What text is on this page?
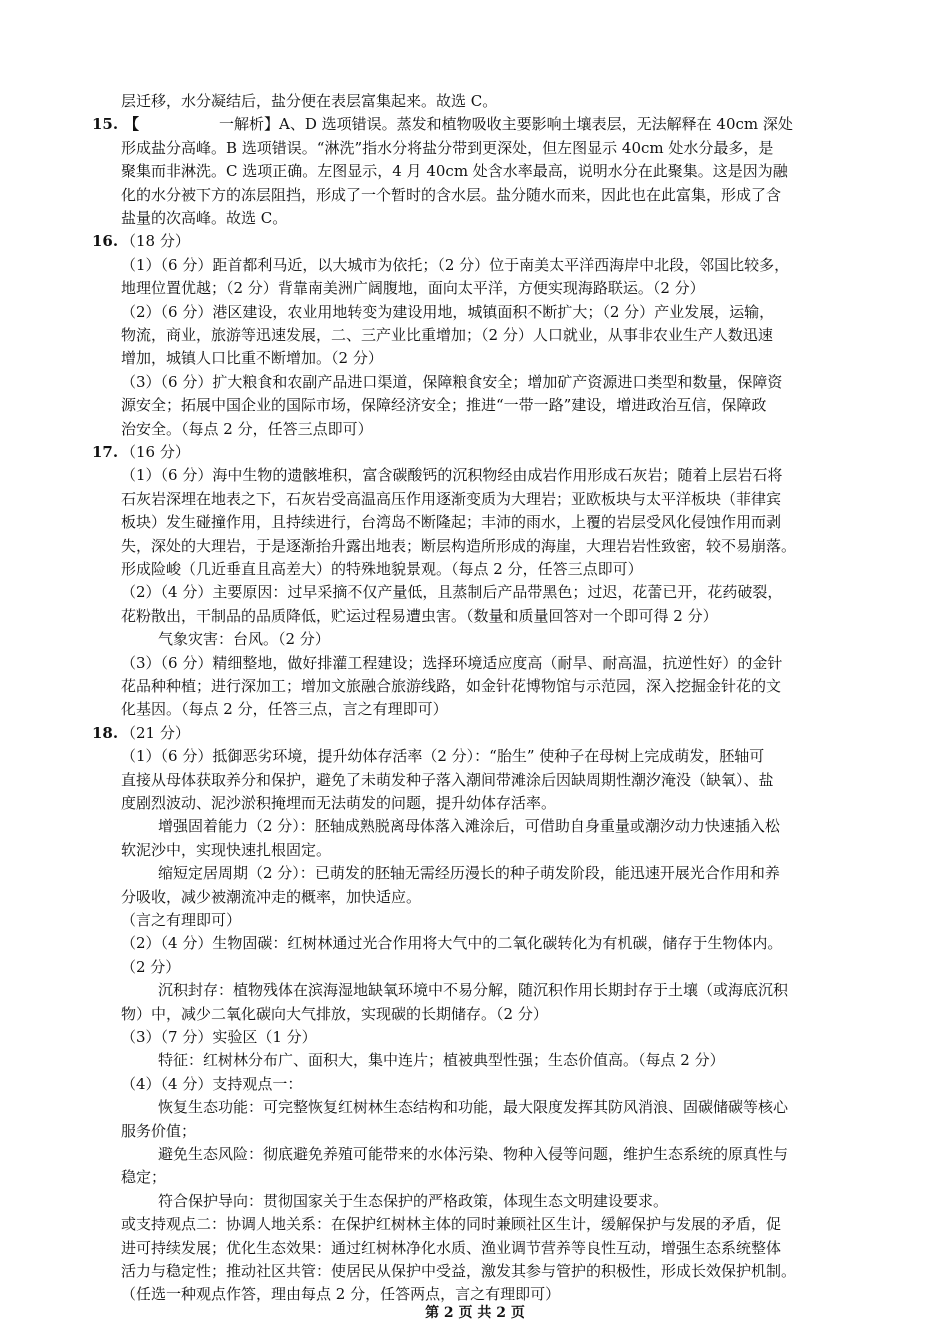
层迁移，水分凝结后，盐分便在表层富集起来。故选 C。
15. 【	一解析】A、D 选项错误。蒸发和植物吸收主要影响土壤表层，无法解释在 40cm 深处
形成盐分高峰。B 选项错误。“淋洗”指水分将盐分带到更深处，但左图显示 40cm 处水分最多，是
聚集而非淋洗。C 选项正确。左图显示，4 月 40cm 处含水率最高，说明水分在此聚集。这是因为融
化的水分被下方的冻层阻挡，形成了一个暂时的含水层。盐分随水而来，因此也在此富集，形成了含
盐量的次高峰。故选 C。
16. （18 分）
（1）（6 分）距首都利马近，以大城市为依托；（2 分）位于南美太平洋西海岸中北段，邻国比较多，
地理位置优越；（2 分）背靠南美洲广阔腹地，面向太平洋，方便实现海路联运。（2 分）
（2）（6 分）港区建设，农业用地转变为建设用地，城镇面积不断扩大；（2 分）产业发展，运输，
物流，商业，旅游等迅速发展，二、三产业比重增加；（2 分）人口就业，从事非农业生产人数迅速
增加，城镇人口比重不断增加。（2 分）
（3）（6 分）扩大粮食和农副产品进口渠道，保障粮食安全；增加矿产资源进口类型和数量，保障资
源安全；拓展中国企业的国际市场，保障经济安全；推进“一带一路”建设，增进政治互信，保障政
治安全。（每点 2 分，任答三点即可）
17. （16 分）
（1）（6 分）海中生物的遗骸堆积，富含碳酸钙的沉积物经由成岩作用形成石灰岩；随着上层岩石将
石灰岩深埋在地表之下，石灰岩受高温高压作用逐渐变质为大理岩；亚欧板块与太平洋板块（菲律宾
板块）发生碰撞作用，且持续进行，台湾岛不断隆起；丰沛的雨水，上覆的岩层受风化侵蚀作用而剥
失，深处的大理岩，于是逐渐抬升露出地表；断层构造所形成的海崖，大理岩岩性致密，较不易崩落。
形成险峻（几近垂直且高差大）的特殊地貌景观。（每点 2 分，任答三点即可）
（2）（4 分）主要原因：过早采摘不仅产量低，且蒸制后产品带黑色；过迟，花蕾已开，花药破裂，
花粉散出，干制品的品质降低，贮运过程易遭虫害。（数量和质量回答对一个即可得 2 分）
气象灾害：台风。（2 分）
（3）（6 分）精细整地，做好排灌工程建设；选择环境适应度高（耐旱、耐高温，抗逆性好）的金针
花品种种植；进行深加工；增加文旅融合旅游线路，如金针花博物馆与示范园，深入挖掘金针花的文
化基因。（每点 2 分，任答三点，言之有理即可）
18. （21 分）
（1）（6 分）抵御恶劣环境，提升幼体存活率（2 分）：“胎生” 使种子在母树上完成萌发，胚轴可
直接从母体获取养分和保护，避免了未萌发种子落入潮间带滩涂后因缺周期性潮汐淹没（缺氧）、盐
度剧烈波动、泥沙淤积掩埋而无法萌发的问题，提升幼体存活率。
增强固着能力（2 分）：胚轴成熟脱离母体落入滩涂后，可借助自身重量或潮汐动力快速插入松
软泥沙中，实现快速扎根固定。
缩短定居周期（2 分）：已萌发的胚轴无需经历漫长的种子萌发阶段，能迅速开展光合作用和养
分吸收，减少被潮流冲走的概率，加快适应。
（言之有理即可）
（2）（4 分）生物固碳：红树林通过光合作用将大气中的二氧化碳转化为有机碳，储存于生物体内。
（2 分）
沉积封存：植物残体在滨海湿地缺氧环境中不易分解，随沉积作用长期封存于土壤（或海底沉积
物）中，减少二氧化碳向大气排放，实现碳的长期储存。（2 分）
（3）（7 分）实验区（1 分）
特征：红树林分布广、面积大，集中连片；植被典型性强；生态价值高。（每点 2 分）
（4）（4 分）支持观点一：
恢复生态功能：可完整恢复红树林生态结构和功能，最大限度发挥其防风消浪、固碳储碳等核心
服务价值；
避免生态风险：彻底避免养殖可能带来的水体污染、物种入侵等问题，维护生态系统的原真性与
稳定；
符合保护导向：贯彻国家关于生态保护的严格政策，体现生态文明建设要求。
或支持观点二：协调人地关系：在保护红树林主体的同时兼顾社区生计，缓解保护与发展的矛盾，促
进可持续发展；优化生态效果：通过红树林净化水质、渔业调节营养等良性互动，增强生态系统整体
活力与稳定性；推动社区共管：使居民从保护中受益，激发其参与管护的积极性，形成长效保护机制。
（任选一种观点作答，理由每点 2 分，任答两点，言之有理即可）
第 2 页 共 2 页
